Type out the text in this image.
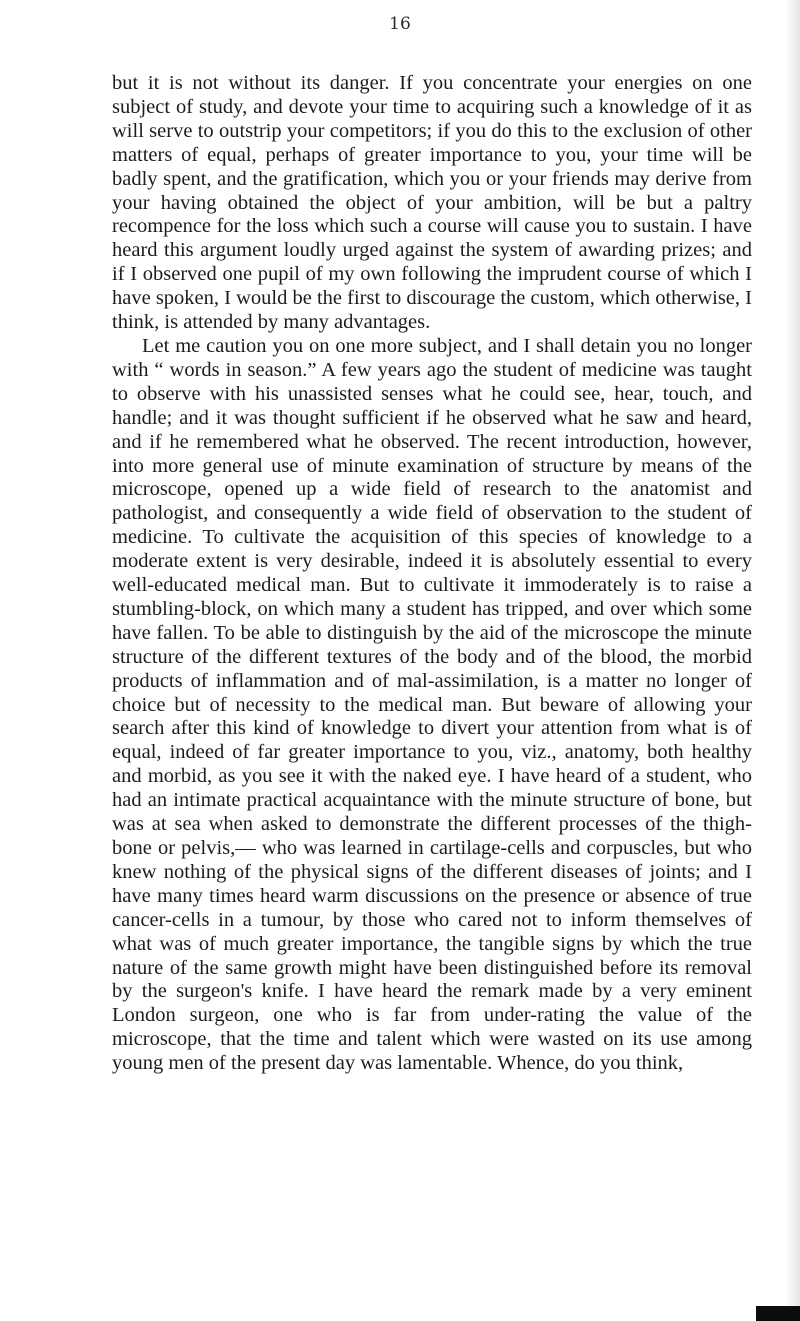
16

but it is not without its danger. If you concentrate your energies on one subject of study, and devote your time to acquiring such a knowledge of it as will serve to outstrip your competitors; if you do this to the exclusion of other matters of equal, perhaps of greater importance to you, your time will be badly spent, and the gratification, which you or your friends may derive from your having obtained the object of your ambition, will be but a paltry recompence for the loss which such a course will cause you to sustain. I have heard this argument loudly urged against the system of awarding prizes; and if I observed one pupil of my own following the imprudent course of which I have spoken, I would be the first to discourage the custom, which otherwise, I think, is attended by many advantages.

Let me caution you on one more subject, and I shall detain you no longer with “ words in season.” A few years ago the student of medicine was taught to observe with his unassisted senses what he could see, hear, touch, and handle; and it was thought sufficient if he observed what he saw and heard, and if he remembered what he observed. The recent introduction, however, into more general use of minute examination of structure by means of the microscope, opened up a wide field of research to the anatomist and pathologist, and consequently a wide field of observation to the student of medicine. To cultivate the acquisition of this species of knowledge to a moderate extent is very desirable, indeed it is absolutely essential to every well-educated medical man. But to cultivate it immoderately is to raise a stumbling-block, on which many a student has tripped, and over which some have fallen. To be able to distinguish by the aid of the microscope the minute structure of the different textures of the body and of the blood, the morbid products of inflammation and of mal-assimilation, is a matter no longer of choice but of necessity to the medical man. But beware of allowing your search after this kind of knowledge to divert your attention from what is of equal, indeed of far greater importance to you, viz., anatomy, both healthy and morbid, as you see it with the naked eye. I have heard of a student, who had an intimate practical acquaintance with the minute structure of bone, but was at sea when asked to demonstrate the different processes of the thigh-bone or pelvis,— who was learned in cartilage-cells and corpuscles, but who knew nothing of the physical signs of the different diseases of joints; and I have many times heard warm discussions on the presence or absence of true cancer-cells in a tumour, by those who cared not to inform themselves of what was of much greater importance, the tangible signs by which the true nature of the same growth might have been distinguished before its removal by the surgeon's knife. I have heard the remark made by a very eminent London surgeon, one who is far from under-rating the value of the microscope, that the time and talent which were wasted on its use among young men of the present day was lamentable. Whence, do you think,
